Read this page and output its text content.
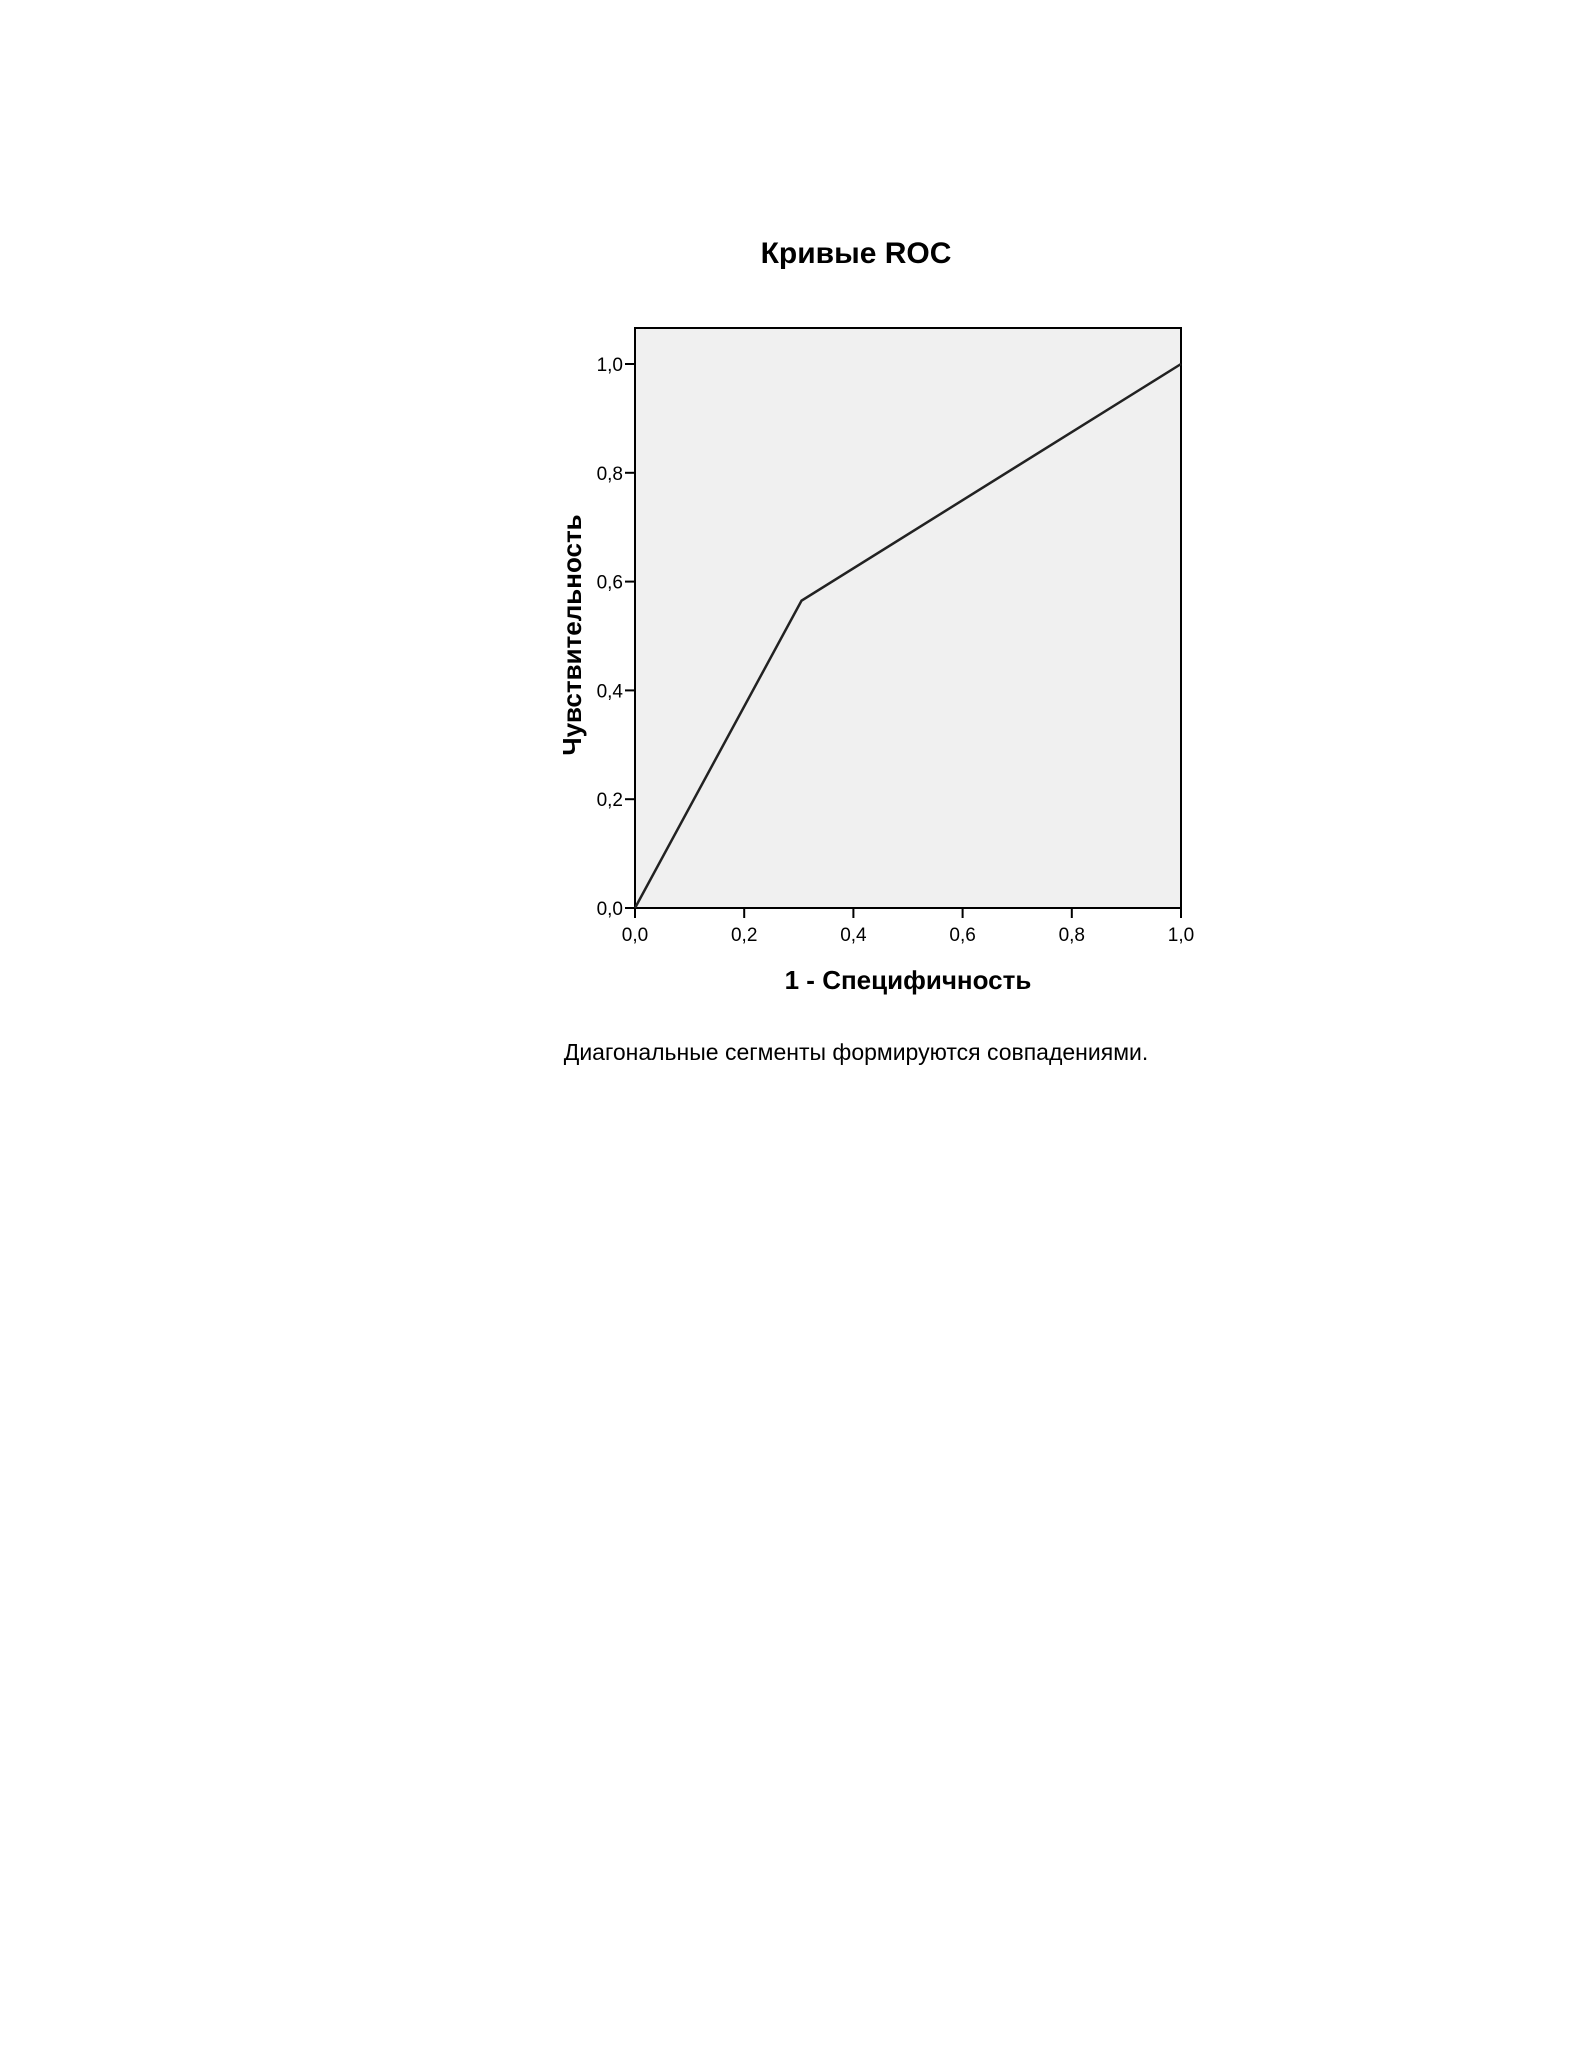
Кривые ROC
0,0
0,2
0,4
0,6
0,8
1,0
0,0	0,2	0,4	0,6	0,8	1,0
Чувствительность
1 - Специфичность
Диагональные сегменты формируются совпадениями.
